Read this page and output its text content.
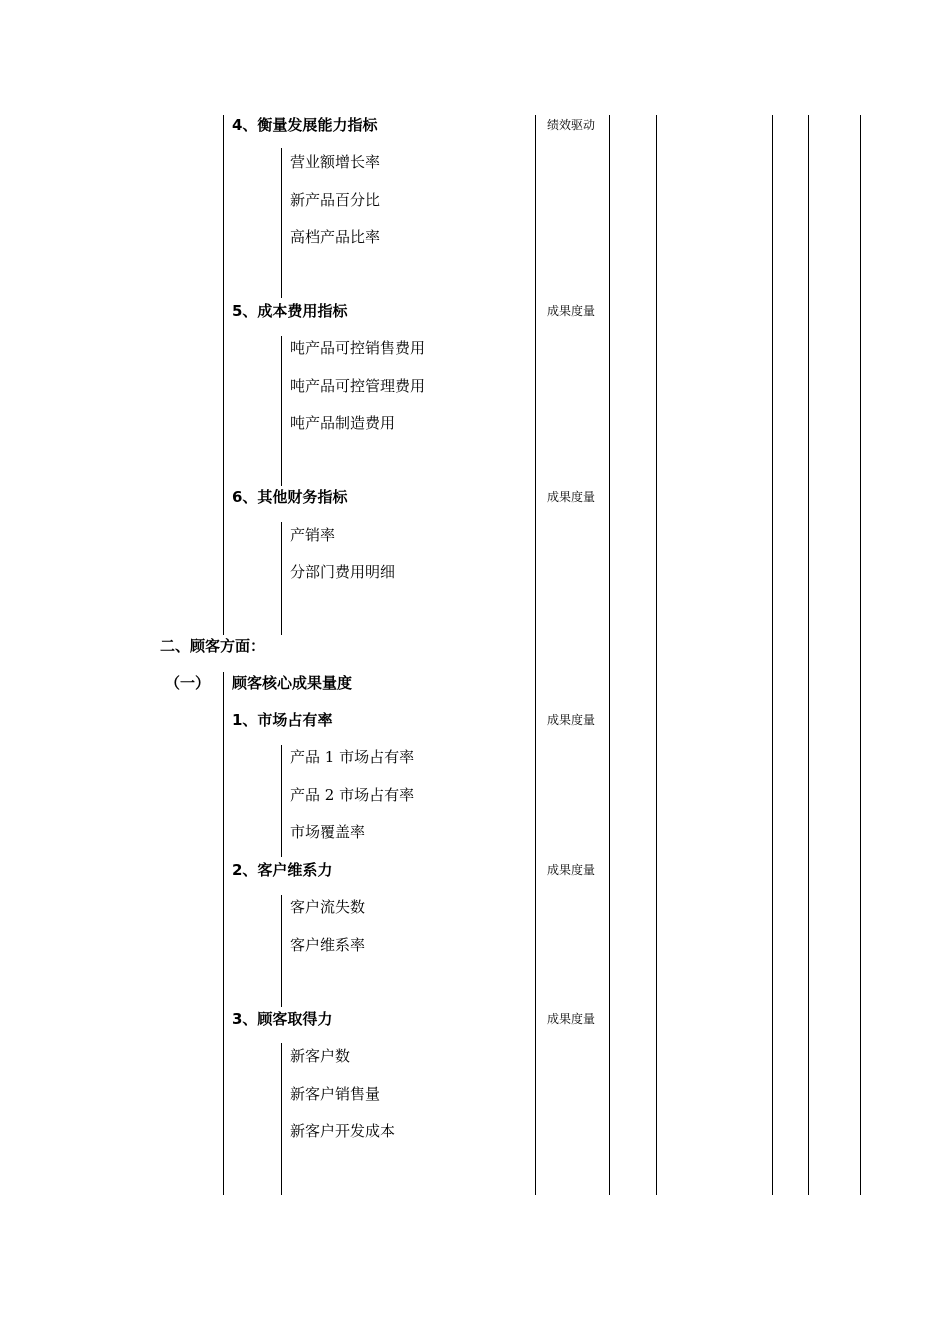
4、衡量发展能力指标	绩效驱动
营业额增长率
新产品百分比
高档产品比率
5、成本费用指标	成果度量
吨产品可控销售费用
吨产品可控管理费用
吨产品制造费用
6、其他财务指标	成果度量
产销率
分部门费用明细
二、顾客方面：
（一） 顾客核心成果量度
1、市场占有率	成果度量
产品 1 市场占有率
产品 2 市场占有率
市场覆盖率
2、客户维系力	成果度量
客户流失数
客户维系率
3、顾客取得力	成果度量
新客户数
新客户销售量
新客户开发成本
